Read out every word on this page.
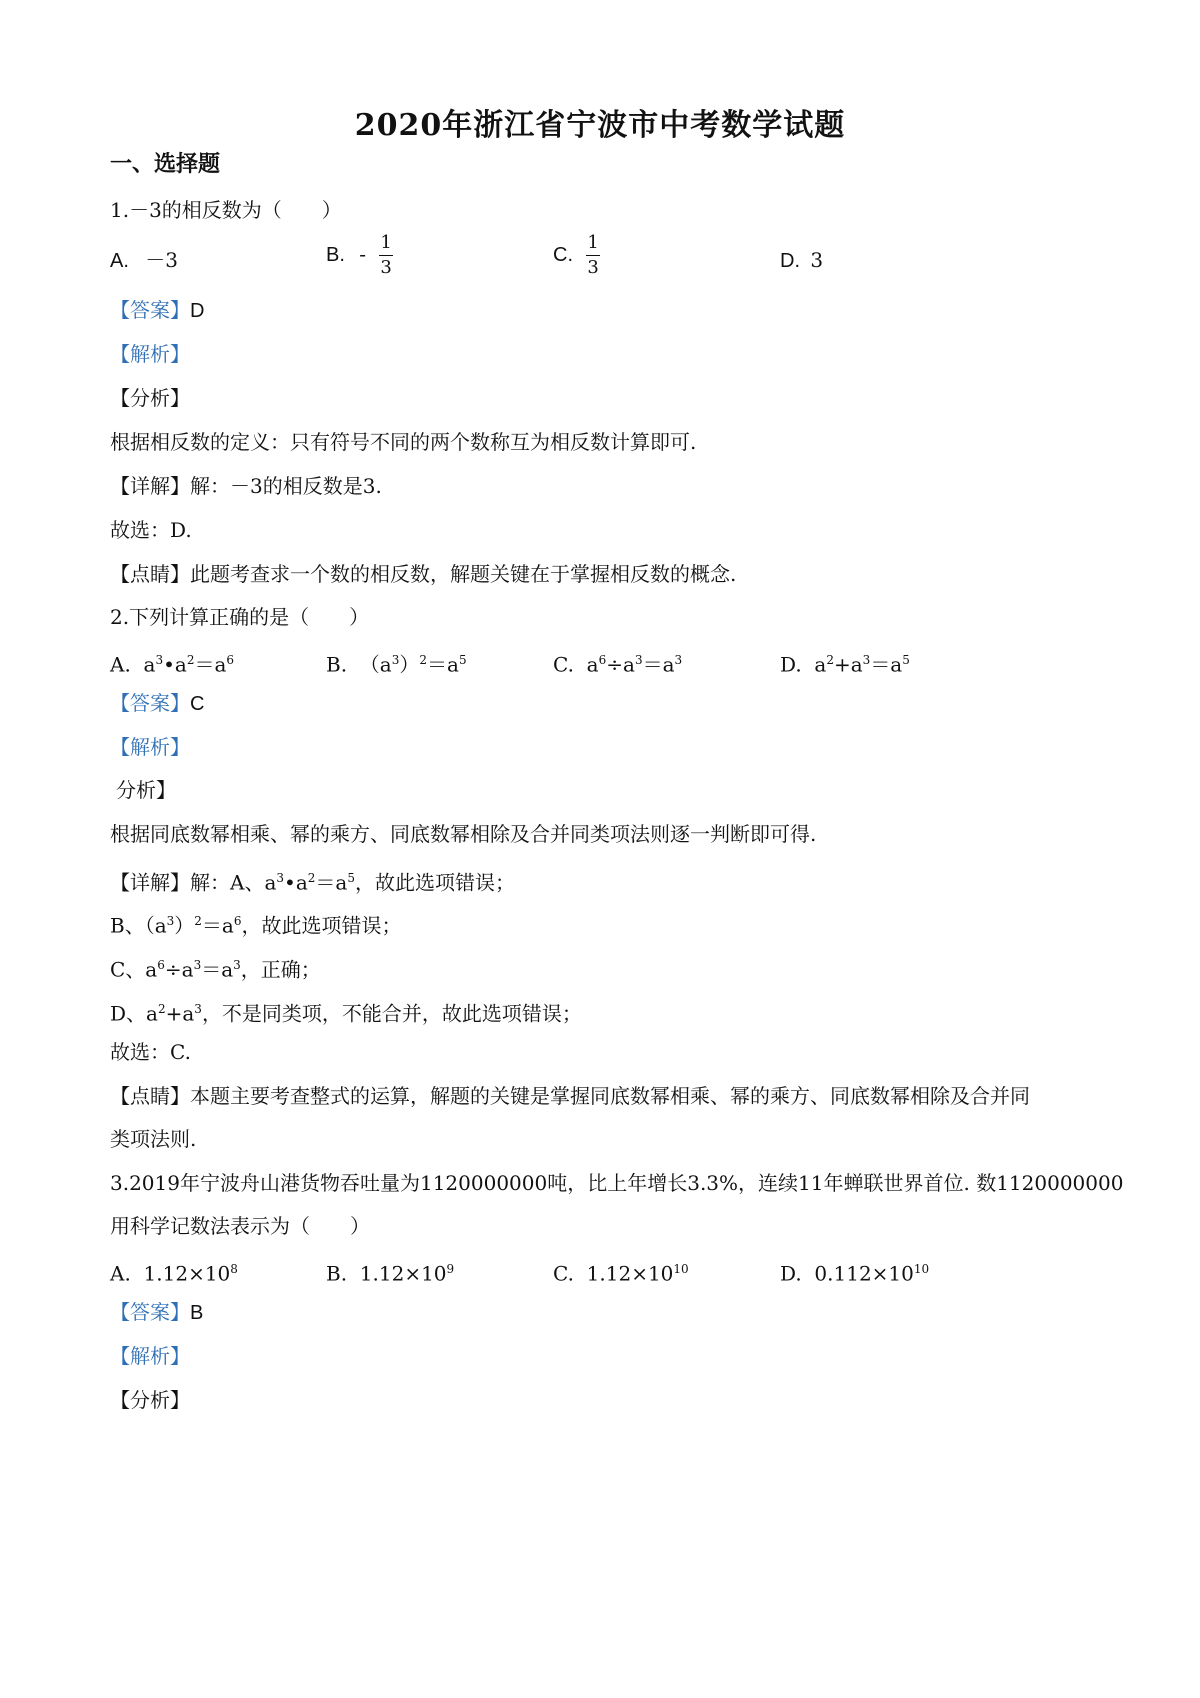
2020年浙江省宁波市中考数学试题
一、选择题
1.－3的相反数为（　　）
A. －3	B. - $\frac{1}{3}$	C. $\frac{1}{3}$	D. 3
【答案】D
【解析】
【分析】
根据相反数的定义：只有符号不同的两个数称互为相反数计算即可.
【详解】解：－3的相反数是3.
故选：D.
【点睛】此题考查求一个数的相反数，解题关键在于掌握相反数的概念.
2.下列计算正确的是（　　）
A. $a^3•a^2=a^6$	B. $(a^3)^2=a^5$	C. $a^6\div a^3=a^3$	D. $a^2+a^3=a^5$
【答案】C
【解析】
分析】
根据同底数幂相乘、幂的乘方、同底数幂相除及合并同类项法则逐一判断即可得.
【详解】解：A、$a^3•a^2=a^5$，故此选项错误；
B、$(a^3)^2=a^6$，故此选项错误；
C、$a^6\div a^3=a^3$，正确；
D、$a^2+a^3$，不是同类项，不能合并，故此选项错误；
故选：C.
【点睛】本题主要考查整式的运算，解题的关键是掌握同底数幂相乘、幂的乘方、同底数幂相除及合并同
类项法则.
3.2019年宁波舟山港货物吞吐量为1120000000吨，比上年增长3.3%，连续11年蝉联世界首位. 数1120000000
用科学记数法表示为（　　）
A. $1.12\times 10^8$	B. $1.12\times 10^9$	C. $1.12\times 10^{10}$	D. $0.112\times 10^{10}$
【答案】B
【解析】
【分析】
